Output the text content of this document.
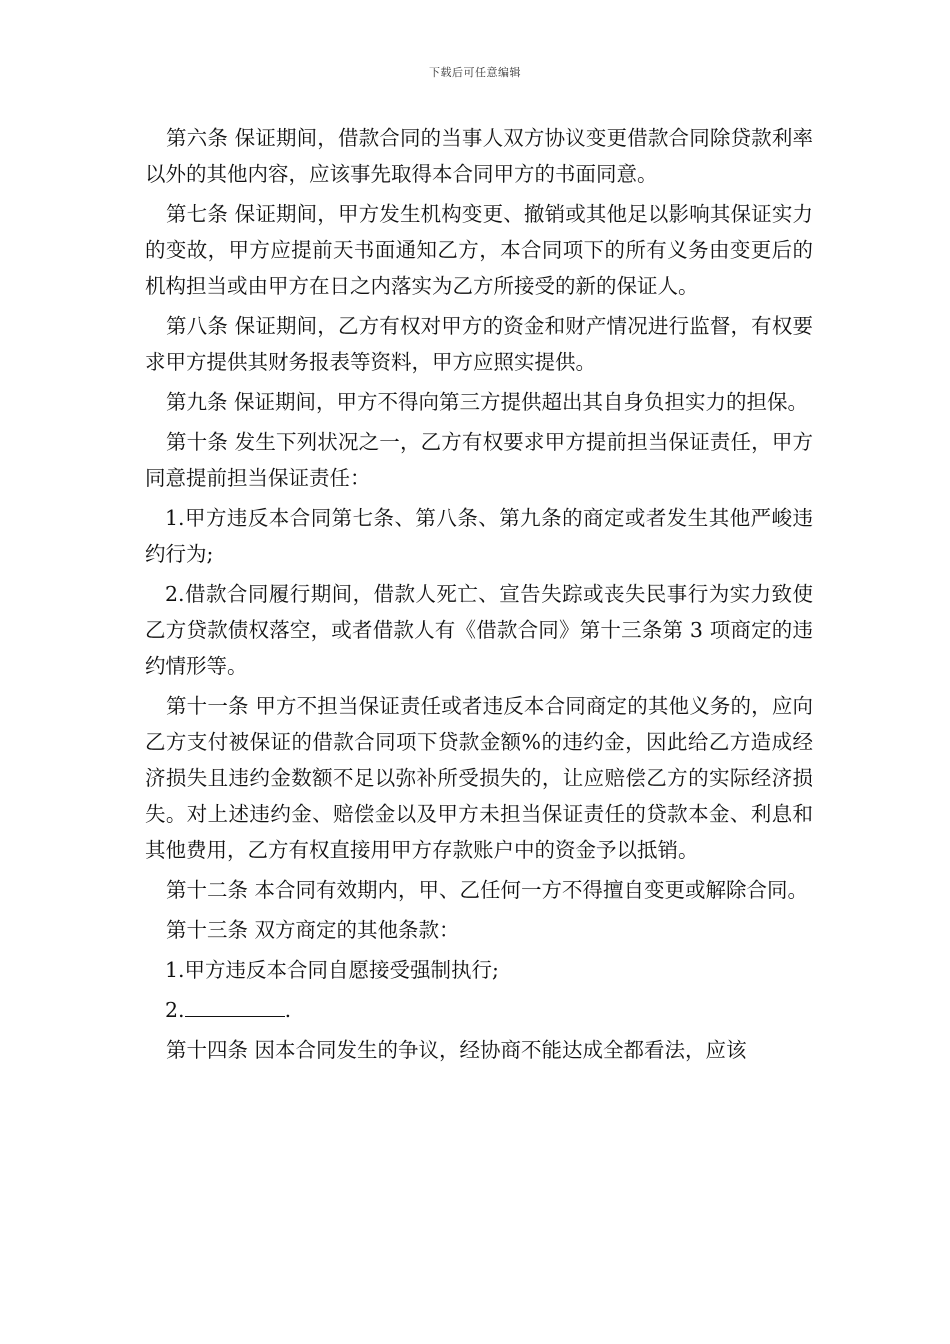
下载后可任意编辑

第六条 保证期间，借款合同的当事人双方协议变更借款合同除贷款利率以外的其他内容，应该事先取得本合同甲方的书面同意。

第七条 保证期间，甲方发生机构变更、撤销或其他足以影响其保证实力的变故，甲方应提前天书面通知乙方，本合同项下的所有义务由变更后的机构担当或由甲方在日之内落实为乙方所接受的新的保证人。

第八条 保证期间，乙方有权对甲方的资金和财产情况进行监督，有权要求甲方提供其财务报表等资料，甲方应照实提供。

第九条 保证期间，甲方不得向第三方提供超出其自身负担实力的担保。

第十条 发生下列状况之一，乙方有权要求甲方提前担当保证责任，甲方同意提前担当保证责任：

1.甲方违反本合同第七条、第八条、第九条的商定或者发生其他严峻违约行为;

2.借款合同履行期间，借款人死亡、宣告失踪或丧失民事行为实力致使乙方贷款债权落空，或者借款人有《借款合同》第十三条第 3 项商定的违约情形等。

第十一条 甲方不担当保证责任或者违反本合同商定的其他义务的，应向乙方支付被保证的借款合同项下贷款金额%的违约金，因此给乙方造成经济损失且违约金数额不足以弥补所受损失的，让应赔偿乙方的实际经济损失。对上述违约金、赔偿金以及甲方未担当保证责任的贷款本金、利息和其他费用，乙方有权直接用甲方存款账户中的资金予以抵销。

第十二条 本合同有效期内，甲、乙任何一方不得擅自变更或解除合同。

第十三条 双方商定的其他条款：

1.甲方违反本合同自愿接受强制执行;

2.	.

第十四条 因本合同发生的争议，经协商不能达成全都看法，应该
